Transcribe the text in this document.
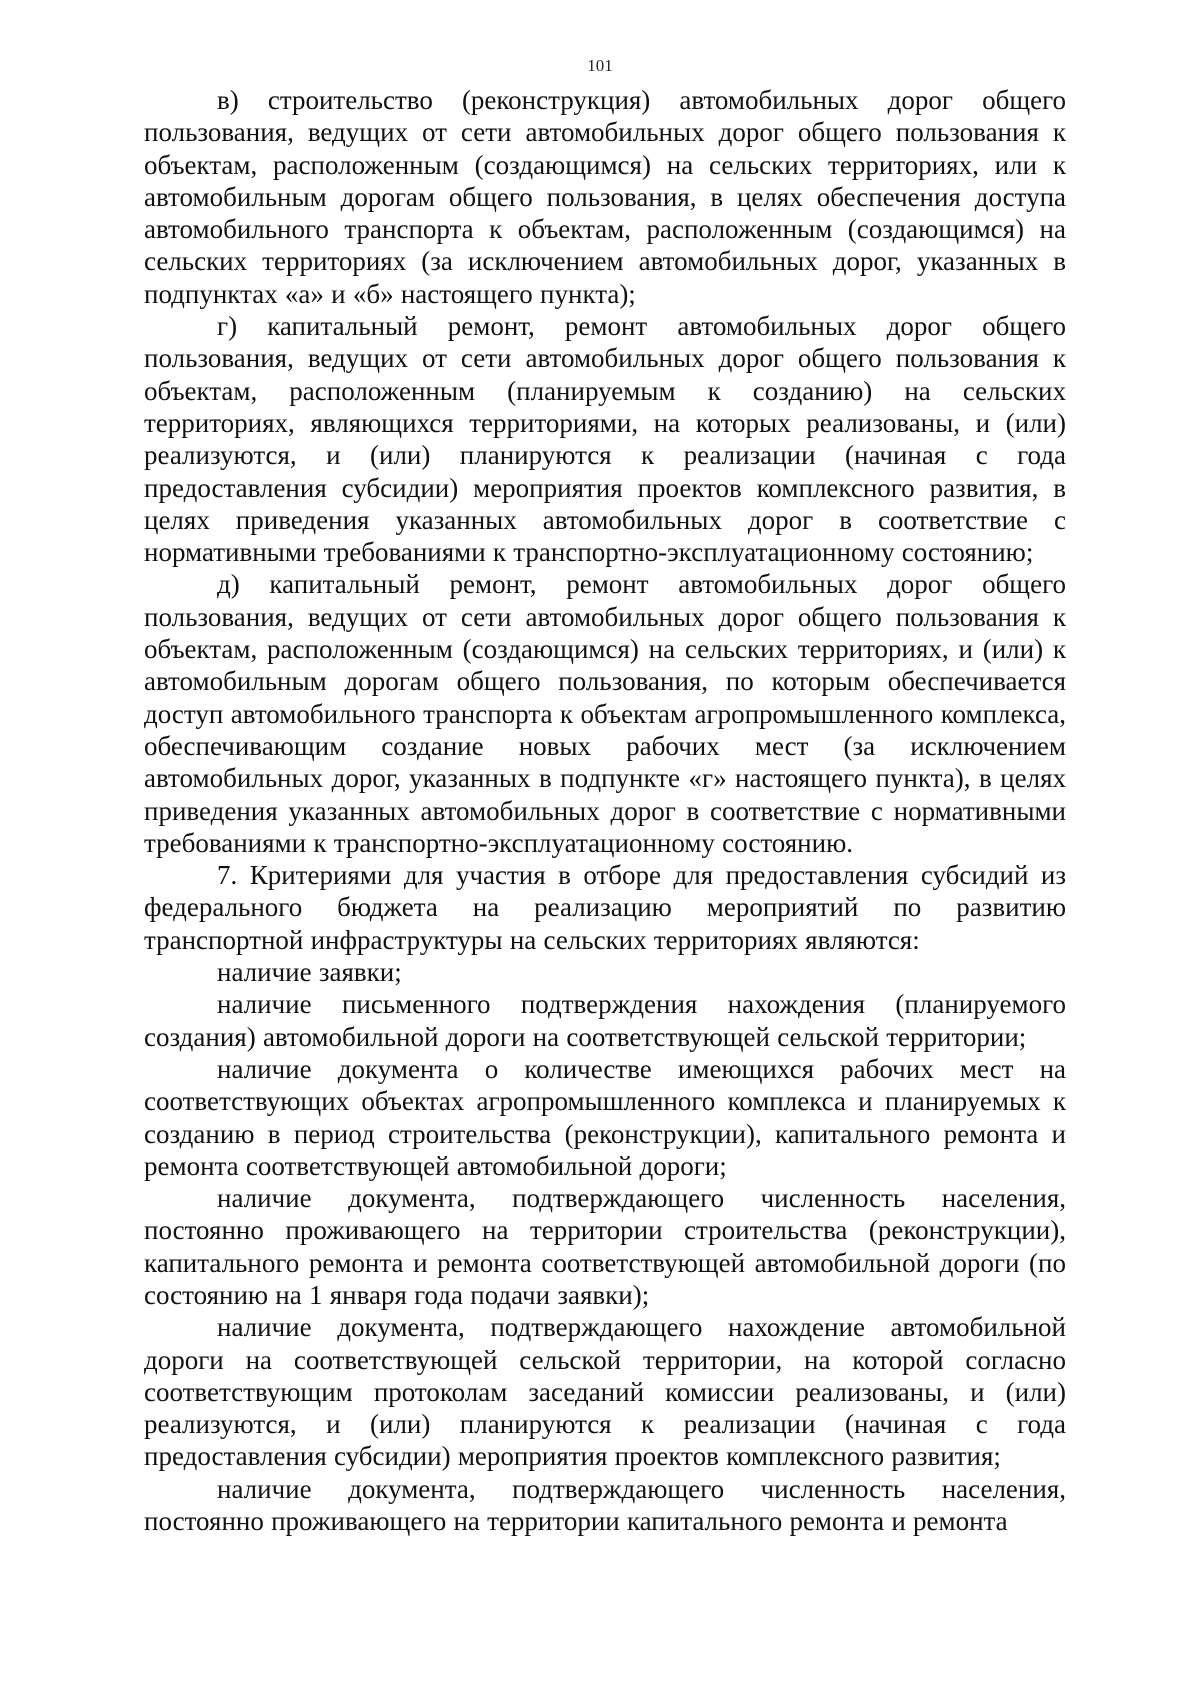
101

в) строительство (реконструкция) автомобильных дорог общего пользования, ведущих от сети автомобильных дорог общего пользования к объектам, расположенным (создающимся) на сельских территориях, или к автомобильным дорогам общего пользования, в целях обеспечения доступа автомобильного транспорта к объектам, расположенным (создающимся) на сельских территориях (за исключением автомобильных дорог, указанных в подпунктах «а» и «б» настоящего пункта);

г) капитальный ремонт, ремонт автомобильных дорог общего пользования, ведущих от сети автомобильных дорог общего пользования к объектам, расположенным (планируемым к созданию) на сельских территориях, являющихся территориями, на которых реализованы, и (или) реализуются, и (или) планируются к реализации (начиная с года предоставления субсидии) мероприятия проектов комплексного развития, в целях приведения указанных автомобильных дорог в соответствие с нормативными требованиями к транспортно-эксплуатационному состоянию;

д) капитальный ремонт, ремонт автомобильных дорог общего пользования, ведущих от сети автомобильных дорог общего пользования к объектам, расположенным (создающимся) на сельских территориях, и (или) к автомобильным дорогам общего пользования, по которым обеспечивается доступ автомобильного транспорта к объектам агропромышленного комплекса, обеспечивающим создание новых рабочих мест (за исключением автомобильных дорог, указанных в подпункте «г» настоящего пункта), в целях приведения указанных автомобильных дорог в соответствие с нормативными требованиями к транспортно-эксплуатационному состоянию.

7. Критериями для участия в отборе для предоставления субсидий из федерального бюджета на реализацию мероприятий по развитию транспортной инфраструктуры на сельских территориях являются:

наличие заявки;

наличие письменного подтверждения нахождения (планируемого создания) автомобильной дороги на соответствующей сельской территории;

наличие документа о количестве имеющихся рабочих мест на соответствующих объектах агропромышленного комплекса и планируемых к созданию в период строительства (реконструкции), капитального ремонта и ремонта соответствующей автомобильной дороги;

наличие документа, подтверждающего численность населения, постоянно проживающего на территории строительства (реконструкции), капитального ремонта и ремонта соответствующей автомобильной дороги (по состоянию на 1 января года подачи заявки);

наличие документа, подтверждающего нахождение автомобильной дороги на соответствующей сельской территории, на которой согласно соответствующим протоколам заседаний комиссии реализованы, и (или) реализуются, и (или) планируются к реализации (начиная с года предоставления субсидии) мероприятия проектов комплексного развития;

наличие документа, подтверждающего численность населения, постоянно проживающего на территории капитального ремонта и ремонта
